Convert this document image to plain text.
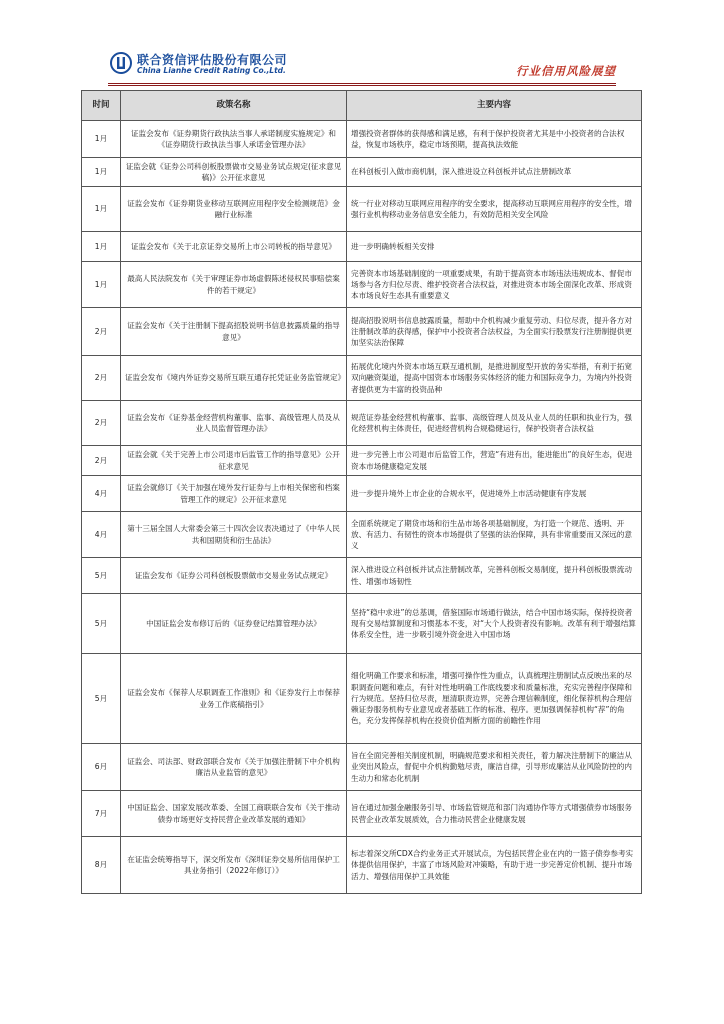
联合资信评估股份有限公司
China Lianhe Credit Rating Co.,Ltd.	行业信用风险展望
时间	政策名称	主要内容
1月	证监会发布《证券期货行政执法当事人承诺制度实施规定》和《证券期货行政执法当事人承诺金管理办法》	增强投资者群体的获得感和满足感，有利于保护投资者尤其是中小投资者的合法权益，恢复市场秩序，稳定市场预期，提高执法效能
1月	证监会就《证券公司科创板股票做市交易业务试点规定(征求意见稿)》公开征求意见	在科创板引入做市商机制，深入推进设立科创板并试点注册制改革
1月	证监会发布《证券期货业移动互联网应用程序安全检测规范》金融行业标准	统一行业对移动互联网应用程序的安全要求，提高移动互联网应用程序的安全性，增强行业机构移动业务信息安全能力，有效防范相关安全风险
1月	证监会发布《关于北京证券交易所上市公司转板的指导意见》	进一步明确转板相关安排
1月	最高人民法院发布《关于审理证券市场虚假陈述侵权民事赔偿案件的若干规定》	完善资本市场基础制度的一项重要成果，有助于提高资本市场违法违规成本、督促市场参与各方归位尽责、维护投资者合法权益，对推进资本市场全面深化改革、形成资本市场良好生态具有重要意义
2月	证监会发布《关于注册制下提高招股说明书信息披露质量的指导意见》	提高招股说明书信息披露质量，帮助中介机构减少重复劳动、归位尽责，提升各方对注册制改革的获得感，保护中小投资者合法权益，为全面实行股票发行注册制提供更加坚实法治保障
2月	证监会发布《境内外证券交易所互联互通存托凭证业务监管规定》	拓展优化境内外资本市场互联互通机制，是推进制度型开放的务实举措，有利于拓宽双向融资渠道，提高中国资本市场服务实体经济的能力和国际竞争力，为境内外投资者提供更为丰富的投资品种
2月	证监会发布《证券基金经营机构董事、监事、高级管理人员及从业人员监督管理办法》	规范证券基金经营机构董事、监事、高级管理人员及从业人员的任职和执业行为，强化经营机构主体责任，促进经营机构合规稳健运行，保护投资者合法权益
2月	证监会就《关于完善上市公司退市后监管工作的指导意见》公开征求意见	进一步完善上市公司退市后监管工作，营造“有进有出，能进能出”的良好生态，促进资本市场健康稳定发展
4月	证监会就修订《关于加强在境外发行证券与上市相关保密和档案管理工作的规定》公开征求意见	进一步提升境外上市企业的合规水平，促进境外上市活动健康有序发展
4月	第十三届全国人大常委会第三十四次会议表决通过了《中华人民共和国期货和衍生品法》	全面系统规定了期货市场和衍生品市场各项基础制度，为打造一个规范、透明、开放、有活力、有韧性的资本市场提供了坚强的法治保障，具有非常重要而又深远的意义
5月	证监会发布《证券公司科创板股票做市交易业务试点规定》	深入推进设立科创板并试点注册制改革，完善科创板交易制度，提升科创板股票流动性、增强市场韧性
5月	中国证监会发布修订后的《证券登记结算管理办法》	坚持“稳中求进”的总基调，借鉴国际市场通行做法，结合中国市场实际，保持投资者现有交易结算制度和习惯基本不变，对“大个人投资者没有影响。改革有利于增强结算体系安全性，进一步吸引境外资金进入中国市场
5月	证监会发布《保荐人尽职调查工作准则》和《证券发行上市保荐业务工作底稿指引》	细化明确工作要求和标准，增强可操作性为重点，认真梳理注册制试点反映出来的尽职调查问题和难点，有针对性地明确工作底线要求和质量标准，充实完善程序保障和行为规范。坚持归位尽责，厘清职责边界，完善合理信赖制度，细化保荐机构合理信赖证券服务机构专业意见或者基础工作的标准、程序。更加强调保荐机构“荐”的角色，充分发挥保荐机构在投资价值判断方面的前瞻性作用
6月	证监会、司法部、财政部联合发布《关于加强注册制下中介机构廉洁从业监管的意见》	旨在全面完善相关制度机制，明确规范要求和相关责任，着力解决注册制下的廉洁从业突出风险点，督促中介机构勤勉尽责，廉洁自律，引导形成廉洁从业风险防控的内生动力和常态化机制
7月	中国证监会、国家发展改革委、全国工商联联合发布《关于推动债券市场更好支持民营企业改革发展的通知》	旨在通过加强金融服务引导、市场监管规范和部门沟通协作等方式增强债券市场服务民营企业改革发展质效，合力推动民营企业健康发展
8月	在证监会统筹指导下，深交所发布《深圳证券交易所信用保护工具业务指引（2022年修订）》	标志着深交所CDX合约业务正式开展试点，为包括民营企业在内的一篮子债券参考实体提供信用保护，丰富了市场风险对冲策略，有助于进一步完善定价机制、提升市场活力、增强信用保护工具效能
